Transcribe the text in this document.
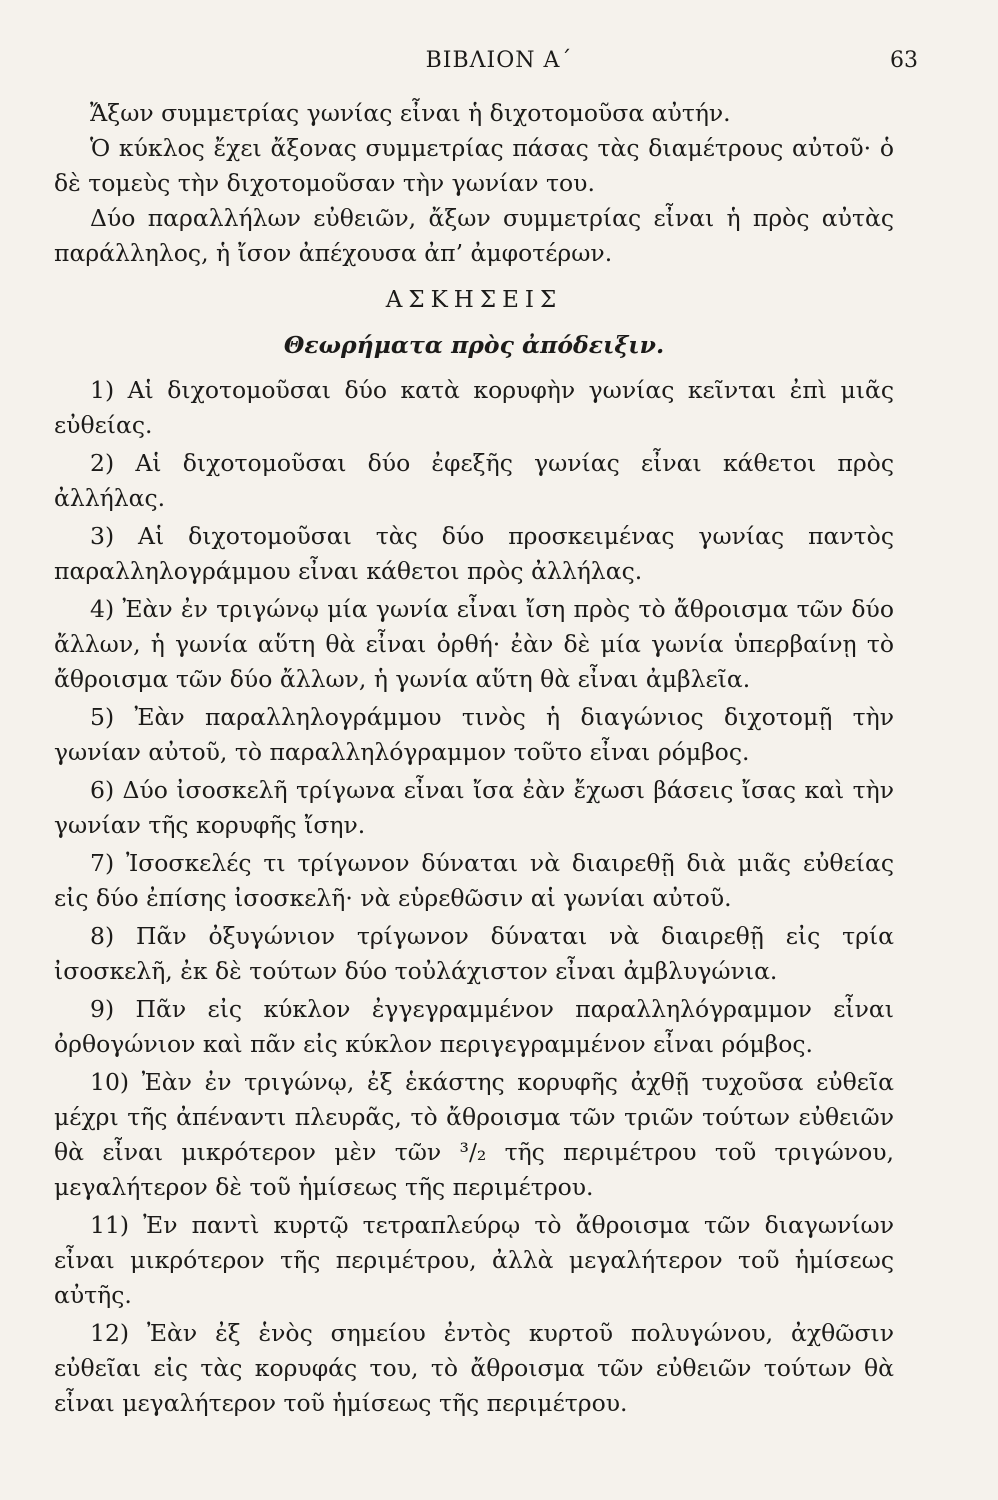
ΒΙΒΛΙΟΝ Α΄	63

Ἄξων συμμετρίας γωνίας εἶναι ἡ διχοτομοῦσα αὐτήν.

Ὁ κύκλος ἔχει ἄξονας συμμετρίας πάσας τὰς διαμέτρους αὐτοῦ· ὁ δὲ τομεὺς τὴν διχοτομοῦσαν τὴν γωνίαν του.

Δύο παραλλήλων εὐθειῶν, ἄξων συμμετρίας εἶναι ἡ πρὸς αὐτὰς παράλληλος, ἡ ἴσον ἀπέχουσα ἀπ’ ἀμφοτέρων.

ΑΣΚΗΣΕΙΣ

Θεωρήματα πρὸς ἀπόδειξιν.

1) Αἱ διχοτομοῦσαι δύο κατὰ κορυφὴν γωνίας κεῖνται ἐπὶ μιᾶς εὐθείας.

2) Αἱ διχοτομοῦσαι δύο ἐφεξῆς γωνίας εἶναι κάθετοι πρὸς ἀλλήλας.

3) Αἱ διχοτομοῦσαι τὰς δύο προσκειμένας γωνίας παντὸς παραλληλογράμμου εἶναι κάθετοι πρὸς ἀλλήλας.

4) Ἐὰν ἐν τριγώνῳ μία γωνία εἶναι ἴση πρὸς τὸ ἄθροισμα τῶν δύο ἄλλων, ἡ γωνία αὕτη θὰ εἶναι ὀρθή· ἐὰν δὲ μία γωνία ὑπερβαίνῃ τὸ ἄθροισμα τῶν δύο ἄλλων, ἡ γωνία αὕτη θὰ εἶναι ἀμβλεῖα.

5) Ἐὰν παραλληλογράμμου τινὸς ἡ διαγώνιος διχοτομῇ τὴν γωνίαν αὐτοῦ, τὸ παραλληλόγραμμον τοῦτο εἶναι ρόμβος.

6) Δύο ἰσοσκελῆ τρίγωνα εἶναι ἴσα ἐὰν ἔχωσι βάσεις ἴσας καὶ τὴν γωνίαν τῆς κορυφῆς ἴσην.

7) Ἰσοσκελές τι τρίγωνον δύναται νὰ διαιρεθῇ διὰ μιᾶς εὐθείας εἰς δύο ἐπίσης ἰσοσκελῆ· νὰ εὑρεθῶσιν αἱ γωνίαι αὐτοῦ.

8) Πᾶν ὀξυγώνιον τρίγωνον δύναται νὰ διαιρεθῇ εἰς τρία ἰσοσκελῆ, ἐκ δὲ τούτων δύο τοὐλάχιστον εἶναι ἀμβλυγώνια.

9) Πᾶν εἰς κύκλον ἐγγεγραμμένον παραλληλόγραμμον εἶναι ὀρθογώνιον καὶ πᾶν εἰς κύκλον περιγεγραμμένον εἶναι ρόμβος.

10) Ἐὰν ἐν τριγώνῳ, ἐξ ἑκάστης κορυφῆς ἀχθῇ τυχοῦσα εὐθεῖα μέχρι τῆς ἀπέναντι πλευρᾶς, τὸ ἄθροισμα τῶν τριῶν τούτων εὐθειῶν θὰ εἶναι μικρότερον μὲν τῶν ³/₂ τῆς περιμέτρου τοῦ τριγώνου, μεγαλήτερον δὲ τοῦ ἡμίσεως τῆς περιμέτρου.

11) Ἐν παντὶ κυρτῷ τετραπλεύρῳ τὸ ἄθροισμα τῶν διαγωνίων εἶναι μικρότερον τῆς περιμέτρου, ἀλλὰ μεγαλήτερον τοῦ ἡμίσεως αὐτῆς.

12) Ἐὰν ἐξ ἑνὸς σημείου ἐντὸς κυρτοῦ πολυγώνου, ἀχθῶσιν εὐθεῖαι εἰς τὰς κορυφάς του, τὸ ἄθροισμα τῶν εὐθειῶν τούτων θὰ εἶναι μεγαλήτερον τοῦ ἡμίσεως τῆς περιμέτρου.
